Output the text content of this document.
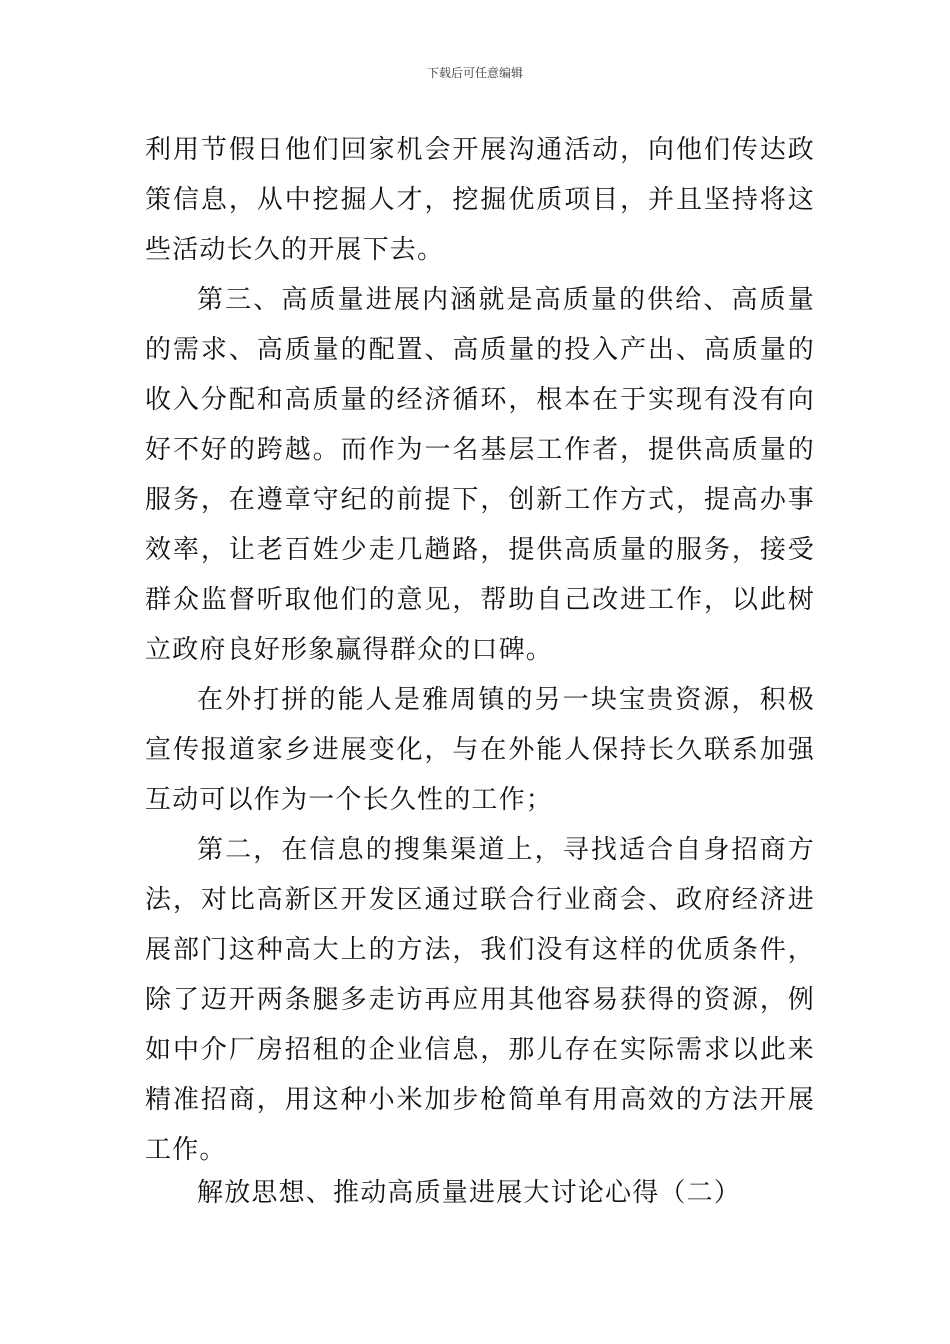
下载后可任意编辑

利用节假日他们回家机会开展沟通活动，向他们传达政策信息，从中挖掘人才，挖掘优质项目，并且坚持将这些活动长久的开展下去。

第三、高质量进展内涵就是高质量的供给、高质量的需求、高质量的配置、高质量的投入产出、高质量的收入分配和高质量的经济循环，根本在于实现有没有向好不好的跨越。而作为一名基层工作者，提供高质量的服务，在遵章守纪的前提下，创新工作方式，提高办事效率，让老百姓少走几趟路，提供高质量的服务，接受群众监督听取他们的意见，帮助自己改进工作，以此树立政府良好形象赢得群众的口碑。

在外打拼的能人是雅周镇的另一块宝贵资源，积极宣传报道家乡进展变化，与在外能人保持长久联系加强互动可以作为一个长久性的工作；

第二，在信息的搜集渠道上，寻找适合自身招商方法，对比高新区开发区通过联合行业商会、政府经济进展部门这种高大上的方法，我们没有这样的优质条件，除了迈开两条腿多走访再应用其他容易获得的资源，例如中介厂房招租的企业信息，那儿存在实际需求以此来精准招商，用这种小米加步枪简单有用高效的方法开展工作。

解放思想、推动高质量进展大讨论心得（二）
